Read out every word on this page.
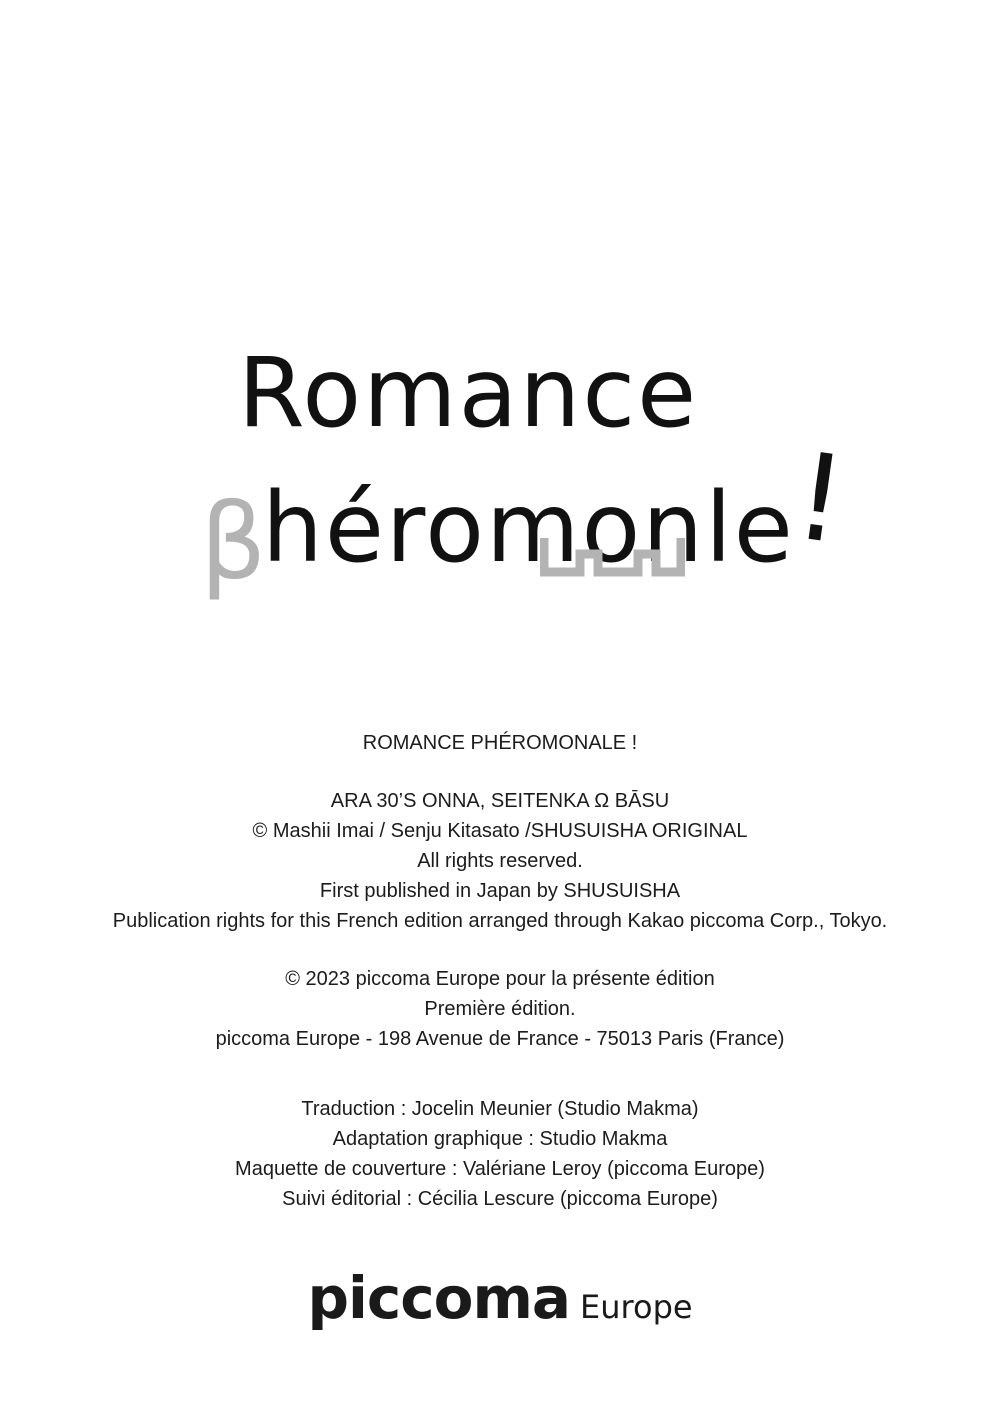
Romance
β
héromonle
!

ROMANCE PHÉROMONALE !

ARA 30’S ONNA, SEITENKA Ω BĀSU

© Mashii Imai / Senju Kitasato /SHUSUISHA ORIGINAL

All rights reserved.

First published in Japan by SHUSUISHA

Publication rights for this French edition arranged through Kakao piccoma Corp., Tokyo.

© 2023 piccoma Europe pour la présente édition

Première édition.

piccoma Europe - 198 Avenue de France - 75013 Paris (France)

Traduction : Jocelin Meunier (Studio Makma)

Adaptation graphique : Studio Makma

Maquette de couverture : Valériane Leroy (piccoma Europe)

Suivi éditorial : Cécilia Lescure (piccoma Europe)

piccoma Europe
